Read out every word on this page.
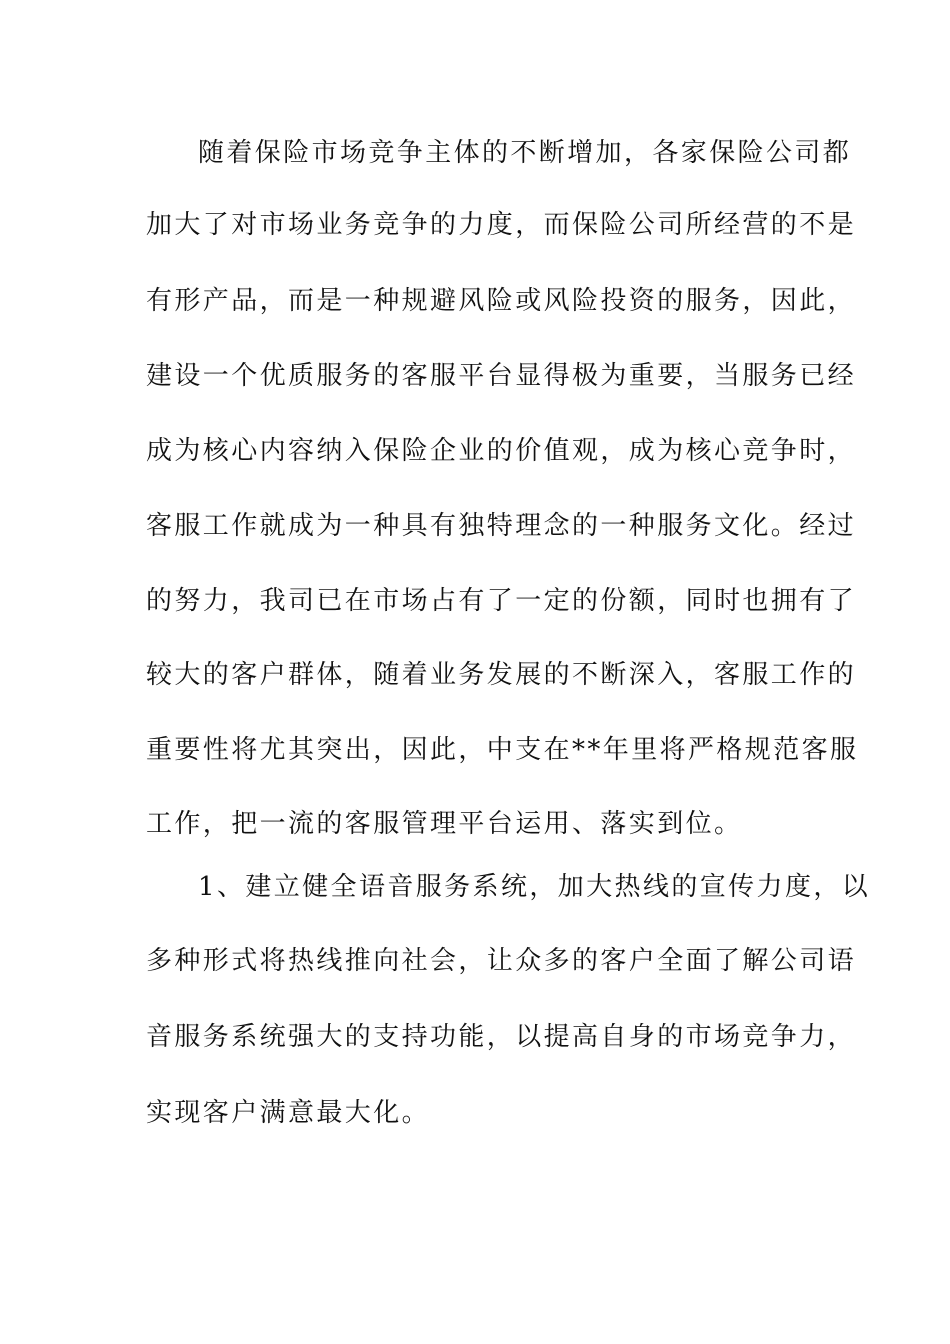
随着保险市场竞争主体的不断增加，各家保险公司都

加大了对市场业务竞争的力度，而保险公司所经营的不是

有形产品，而是一种规避风险或风险投资的服务，因此，

建设一个优质服务的客服平台显得极为重要，当服务已经

成为核心内容纳入保险企业的价值观，成为核心竞争时，

客服工作就成为一种具有独特理念的一种服务文化。经过

的努力，我司已在市场占有了一定的份额，同时也拥有了

较大的客户群体，随着业务发展的不断深入，客服工作的

重要性将尤其突出，因此，中支在**年里将严格规范客服

工作，把一流的客服管理平台运用、落实到位。

1、建立健全语音服务系统，加大热线的宣传力度，以

多种形式将热线推向社会，让众多的客户全面了解公司语

音服务系统强大的支持功能，以提高自身的市场竞争力，

实现客户满意最大化。
